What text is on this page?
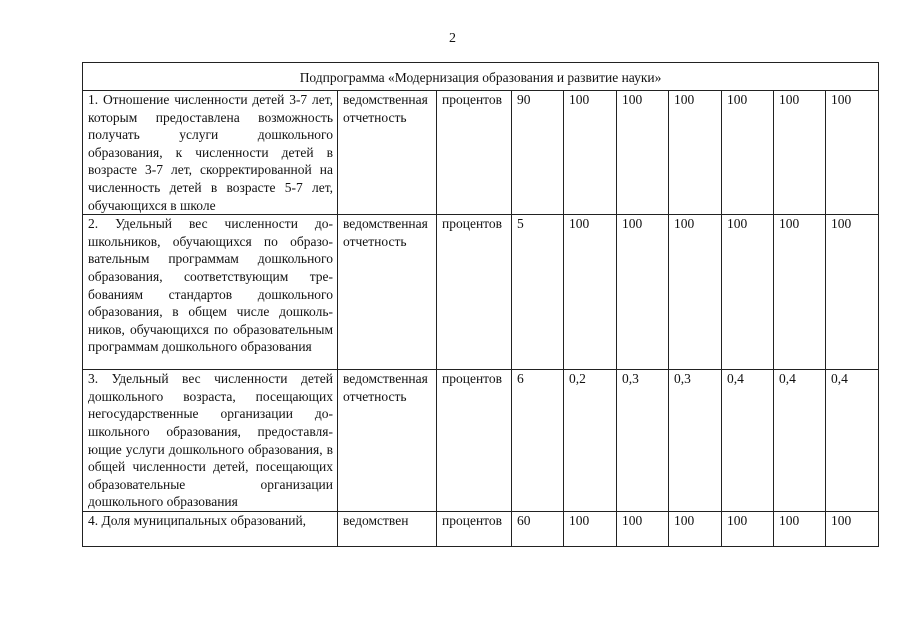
2
Подпрограмма «Модернизация образования и развитие науки»									
1. Отношение численности детей 3-7 лет, которым предоставлена возможность получать услуги дошкольного образования, к численности детей в возрасте 3-7 лет, скорректированной на численность детей в возрасте 5-7 лет, обучающихся в школе	ведомственная отчетность	процентов	90	100	100	100	100	100	100
2. Удельный вес численности дошкольников, обучающихся по образовательным программам дошкольного образования, соответствующим требованиям стандартов дошкольного образования, в общем числе дошкольников, обучающихся по образовательным программам дошкольного образования	ведомственная отчетность	процентов	5	100	100	100	100	100	100
3. Удельный вес численности детей дошкольного возраста, посещающих негосударственные организации дошкольного образования, предоставляющие услуги дошкольного образования, в общей численности детей, посещающих образовательные организации дошкольного образования	ведомственная отчетность	процентов	6	0,2	0,3	0,3	0,4	0,4	0,4
4. Доля муниципальных образований,	ведомствен	процентов	60	100	100	100	100	100	100
